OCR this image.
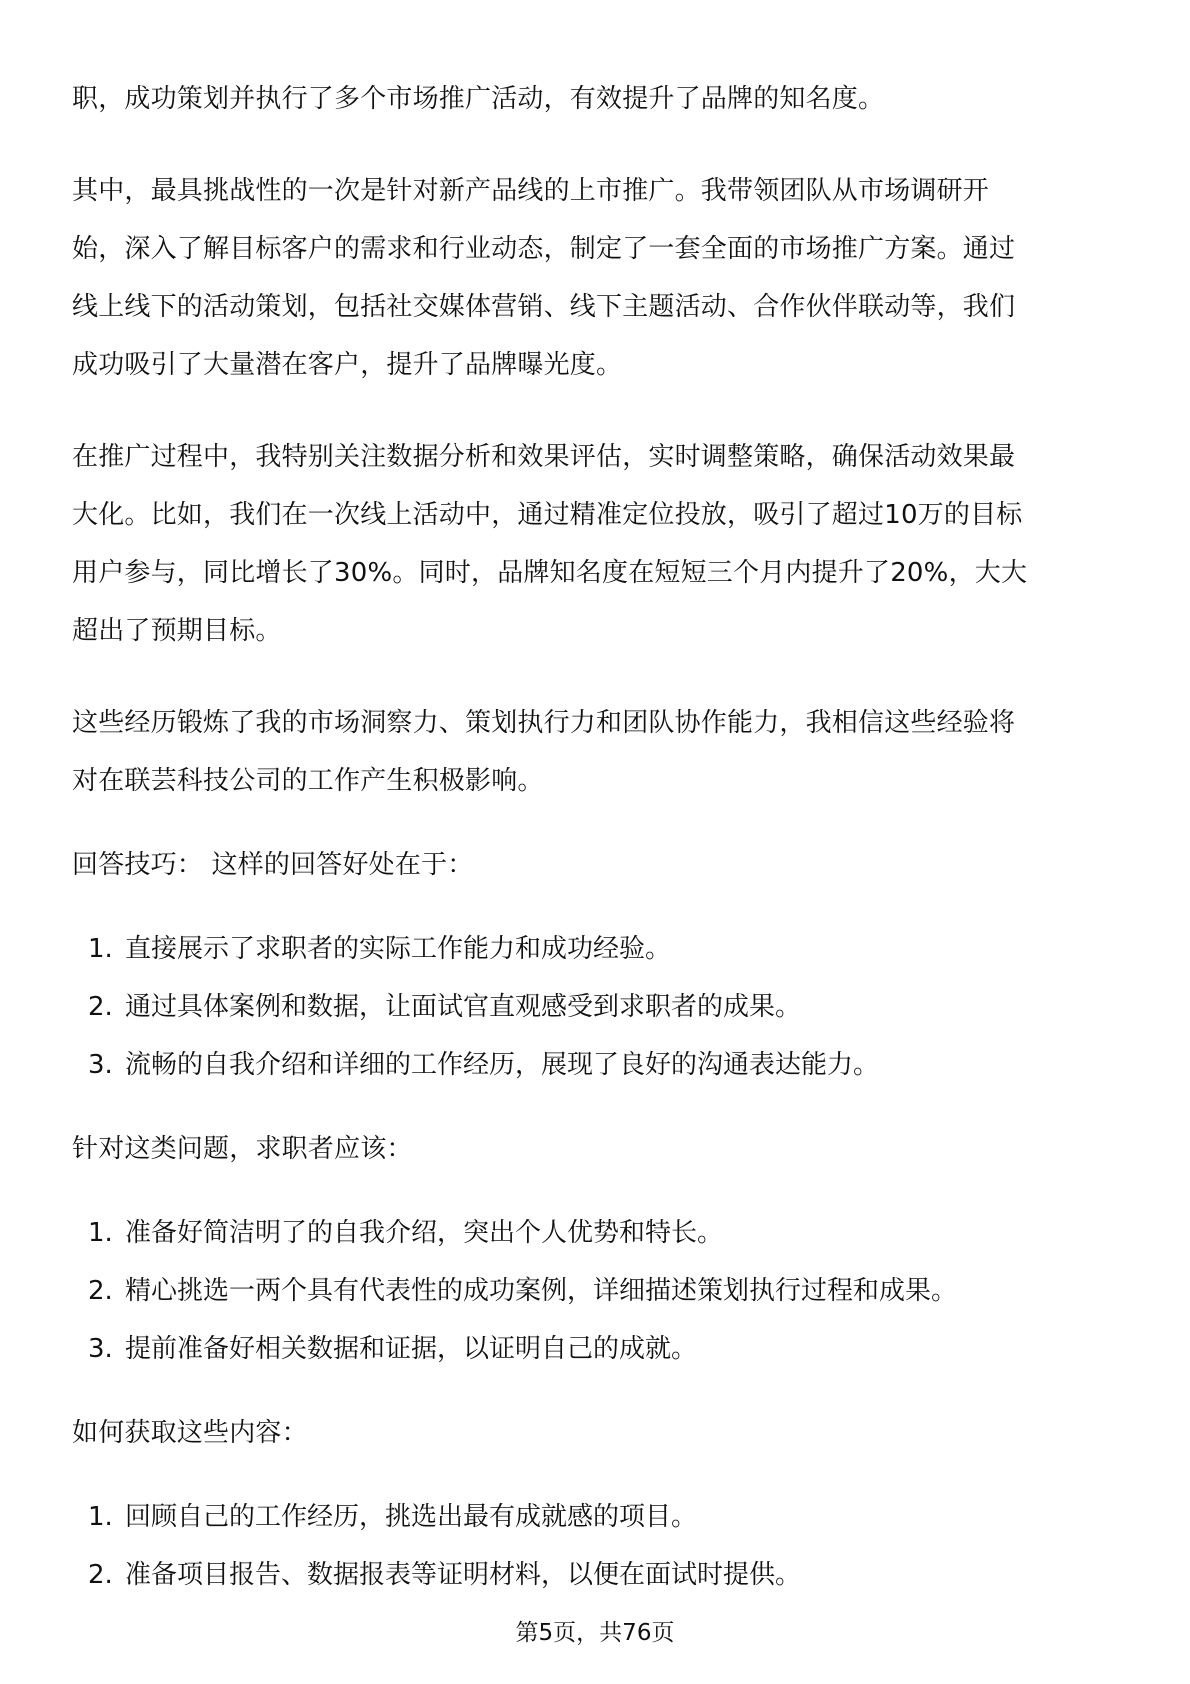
职，成功策划并执行了多个市场推广活动，有效提升了品牌的知名度。

其中，最具挑战性的一次是针对新产品线的上市推广。我带领团队从市场调研开

始，深入了解目标客户的需求和行业动态，制定了一套全面的市场推广方案。通过

线上线下的活动策划，包括社交媒体营销、线下主题活动、合作伙伴联动等，我们

成功吸引了大量潜在客户，提升了品牌曝光度。

在推广过程中，我特别关注数据分析和效果评估，实时调整策略，确保活动效果最

大化。比如，我们在一次线上活动中，通过精准定位投放，吸引了超过10万的目标

用户参与，同比增长了30%。同时，品牌知名度在短短三个月内提升了20%，大大

超出了预期目标。

这些经历锻炼了我的市场洞察力、策划执行力和团队协作能力，我相信这些经验将

对在联芸科技公司的工作产生积极影响。

回答技巧： 这样的回答好处在于：

1. 直接展示了求职者的实际工作能力和成功经验。
2. 通过具体案例和数据，让面试官直观感受到求职者的成果。
3. 流畅的自我介绍和详细的工作经历，展现了良好的沟通表达能力。

针对这类问题，求职者应该：

1. 准备好简洁明了的自我介绍，突出个人优势和特长。
2. 精心挑选一两个具有代表性的成功案例，详细描述策划执行过程和成果。
3. 提前准备好相关数据和证据，以证明自己的成就。

如何获取这些内容：

1. 回顾自己的工作经历，挑选出最有成就感的项目。
2. 准备项目报告、数据报表等证明材料，以便在面试时提供。
第5页，共76页
